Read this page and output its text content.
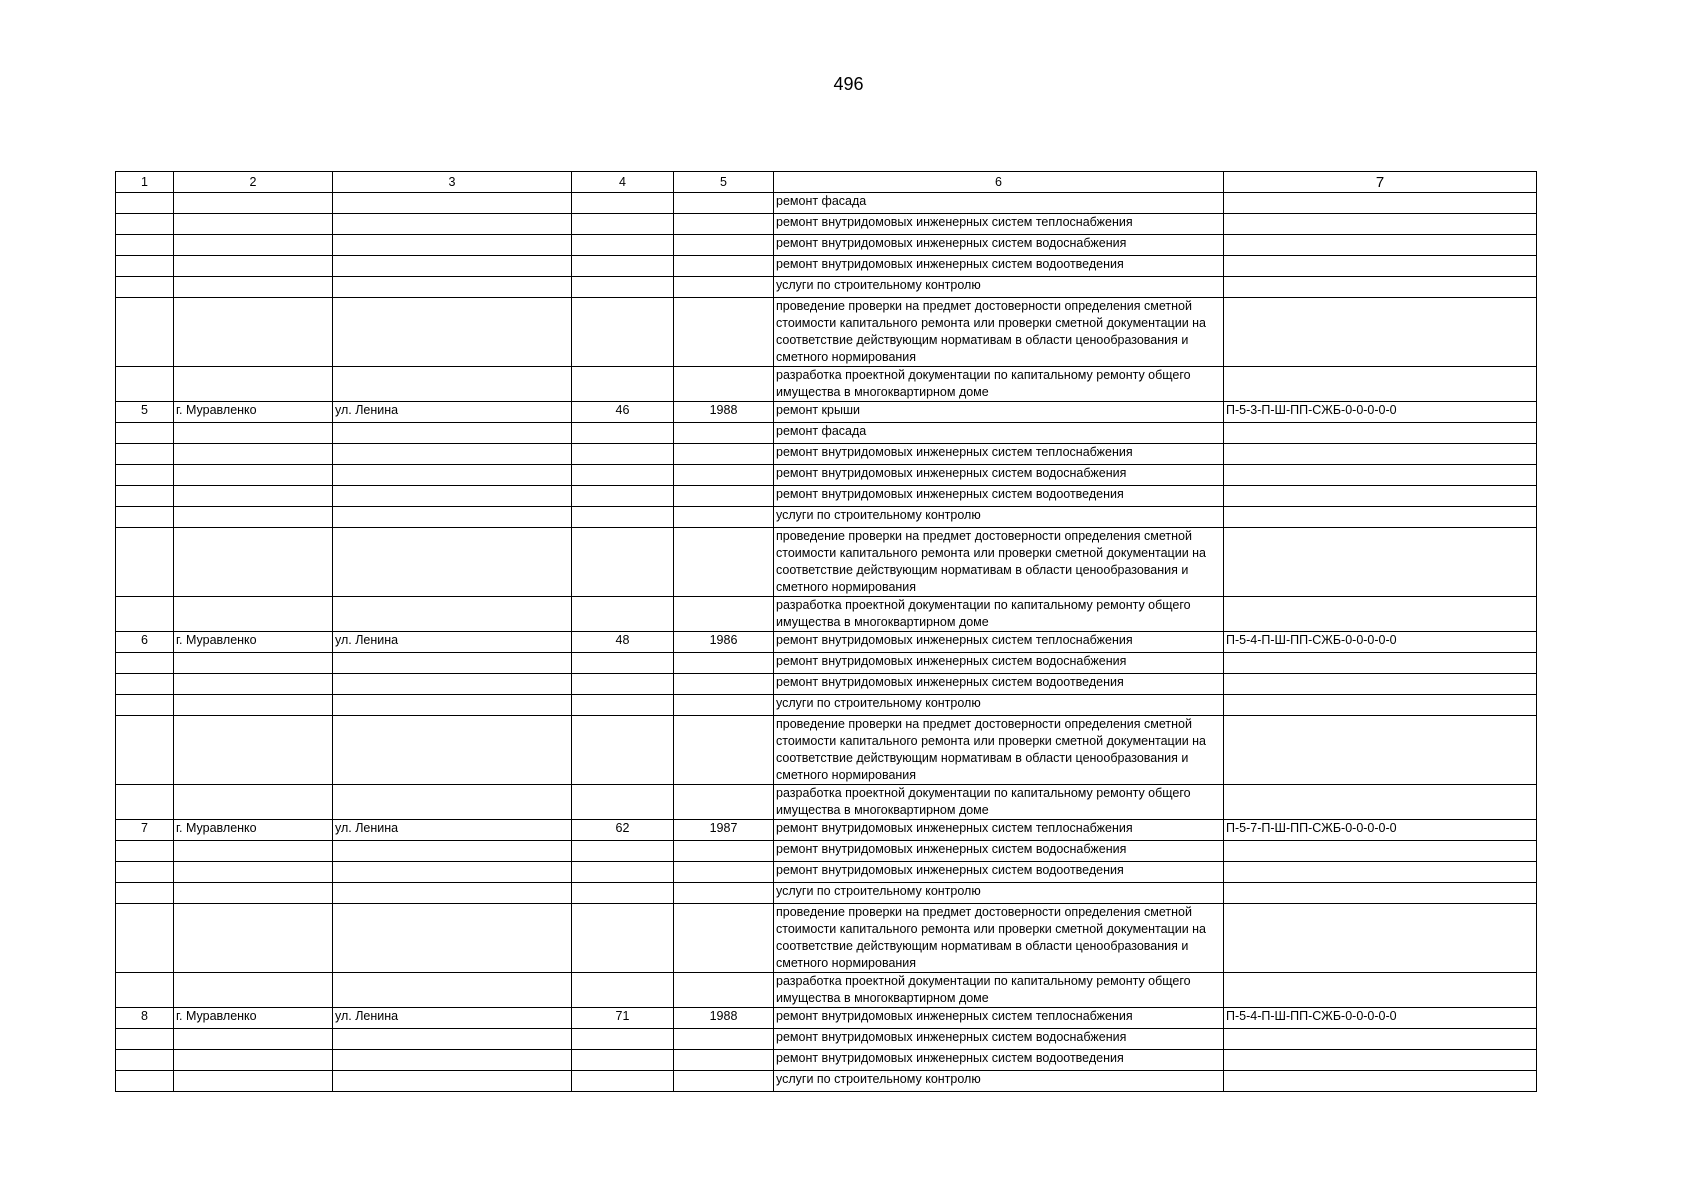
496
1	2	3	4	5	6	7
					ремонт фасада	
					ремонт внутридомовых инженерных систем теплоснабжения	
					ремонт внутридомовых инженерных систем водоснабжения	
					ремонт внутридомовых инженерных систем водоотведения	
					услуги по строительному контролю	
					проведение проверки на предмет достоверности определения сметной стоимости капитального ремонта или проверки сметной документации на соответствие действующим нормативам в области ценообразования и сметного нормирования	
					разработка проектной документации по капитальному ремонту общего имущества в многоквартирном доме	
5	г. Муравленко	ул. Ленина	46	1988	ремонт крыши	П-5-3-П-Ш-ПП-СЖБ-0-0-0-0-0
					ремонт фасада	
					ремонт внутридомовых инженерных систем теплоснабжения	
					ремонт внутридомовых инженерных систем водоснабжения	
					ремонт внутридомовых инженерных систем водоотведения	
					услуги по строительному контролю	
					проведение проверки на предмет достоверности определения сметной стоимости капитального ремонта или проверки сметной документации на соответствие действующим нормативам в области ценообразования и сметного нормирования	
					разработка проектной документации по капитальному ремонту общего имущества в многоквартирном доме	
6	г. Муравленко	ул. Ленина	48	1986	ремонт внутридомовых инженерных систем теплоснабжения	П-5-4-П-Ш-ПП-СЖБ-0-0-0-0-0
					ремонт внутридомовых инженерных систем водоснабжения	
					ремонт внутридомовых инженерных систем водоотведения	
					услуги по строительному контролю	
					проведение проверки на предмет достоверности определения сметной стоимости капитального ремонта или проверки сметной документации на соответствие действующим нормативам в области ценообразования и сметного нормирования	
					разработка проектной документации по капитальному ремонту общего имущества в многоквартирном доме	
7	г. Муравленко	ул. Ленина	62	1987	ремонт внутридомовых инженерных систем теплоснабжения	П-5-7-П-Ш-ПП-СЖБ-0-0-0-0-0
					ремонт внутридомовых инженерных систем водоснабжения	
					ремонт внутридомовых инженерных систем водоотведения	
					услуги по строительному контролю	
					проведение проверки на предмет достоверности определения сметной стоимости капитального ремонта или проверки сметной документации на соответствие действующим нормативам в области ценообразования и сметного нормирования	
					разработка проектной документации по капитальному ремонту общего имущества в многоквартирном доме	
8	г. Муравленко	ул. Ленина	71	1988	ремонт внутридомовых инженерных систем теплоснабжения	П-5-4-П-Ш-ПП-СЖБ-0-0-0-0-0
					ремонт внутридомовых инженерных систем водоснабжения	
					ремонт внутридомовых инженерных систем водоотведения	
					услуги по строительному контролю	
